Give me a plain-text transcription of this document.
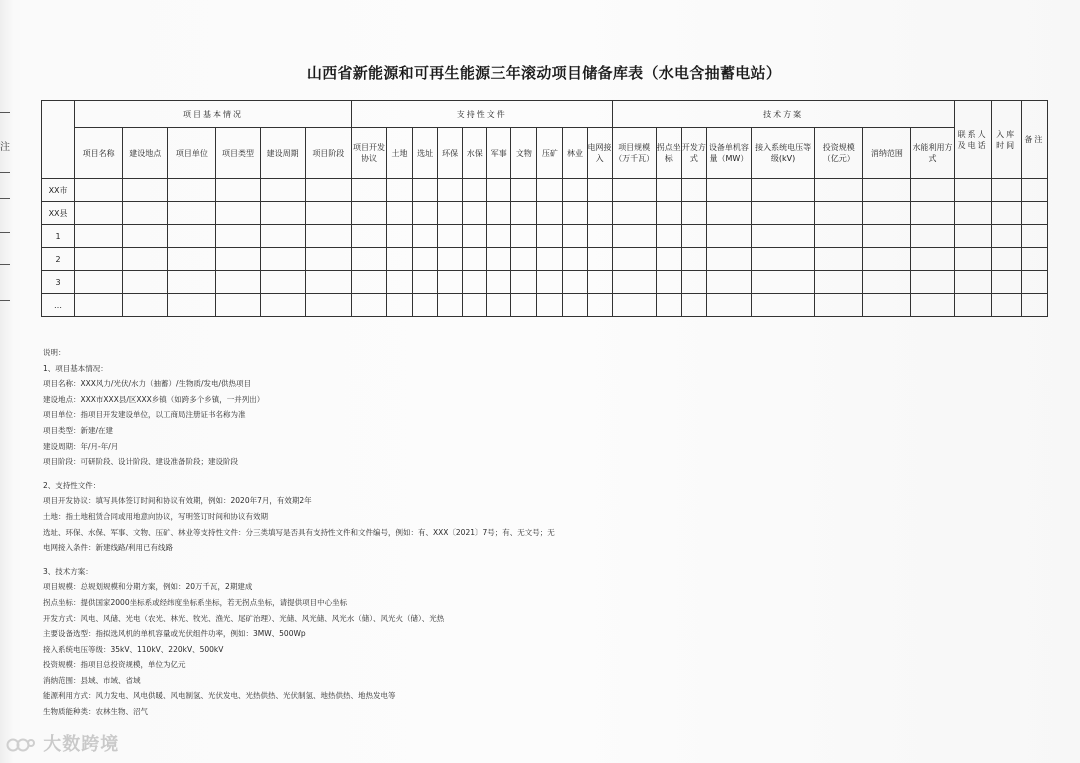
注
山西省新能源和可再生能源三年滚动项目储备库表（水电含抽蓄电站）
	项目基本情况						支持性文件										技术方案								联系人及电话	入库时间	备注
	项目名称	建设地点	项目单位	项目类型	建设周期	项目阶段	项目开发协议	土地	选址	环保	水保	军事	文物	压矿	林业	电网接入	项目规模（万千瓦）	拐点坐标	开发方式	设备单机容量（MW）	接入系统电压等级(kV)	投资规模（亿元）	消纳范围	水能利用方式			
XX市																											
XX县																											
1																											
2																											
3																											
…																											
说明：
1、项目基本情况：
项目名称：XXX风力/光伏/水力（抽蓄）/生物质/发电/供热项目
建设地点：XXX市XXX县/区XXX乡镇（如跨多个乡镇，一并列出）
项目单位：指项目开发建设单位，以工商局注册证书名称为准
项目类型：新建/在建
建设周期：年/月-年/月
项目阶段：可研阶段、设计阶段、建设准备阶段；建设阶段
2、支持性文件：
项目开发协议：填写具体签订时间和协议有效期，例如：2020年7月，有效期2年
土地：指土地租赁合同或用地意向协议，写明签订时间和协议有效期
选址、环保、水保、军事、文物、压矿、林业等支持性文件：分三类填写是否具有支持性文件和文件编号，例如：有、XXX〔2021〕7号；有、无文号；无
电网接入条件：新建线路/利用已有线路
3、技术方案：
项目规模：总规划规模和分期方案，例如：20万千瓦，2期建成
拐点坐标：提供国家2000坐标系或经纬度坐标系坐标，若无拐点坐标，请提供项目中心坐标
开发方式：风电、风储、光电（农光、林光、牧光、渔光、尾矿治理）、光储、风光储、风光水（储）、风光火（储）、光热
主要设备选型：指拟选风机的单机容量或光伏组件功率，例如：3MW、500Wp
接入系统电压等级：35kV、110kV、220kV、500kV
投资规模：指项目总投资规模，单位为亿元
消纳范围：县域、市域、省域
能源利用方式：风力发电、风电供暖、风电制氢、光伏发电、光热供热、光伏制氢、地热供热、地热发电等
生物质能种类：农林生物、沼气
大数跨境
